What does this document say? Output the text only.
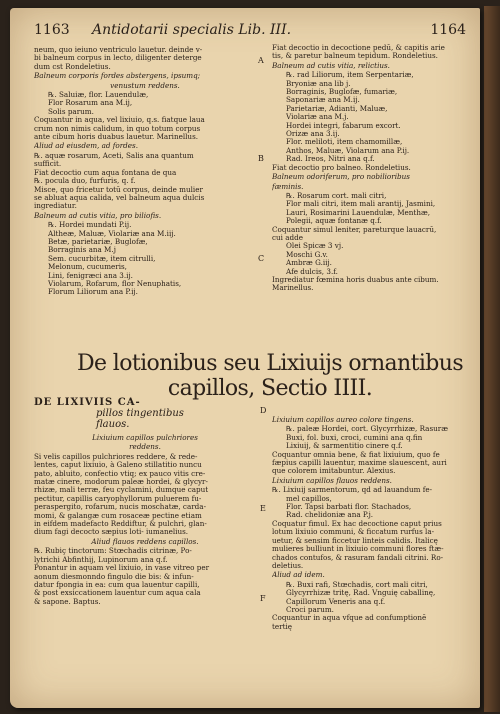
1163 Antidotarii specialis Lib. III.	1164
neum, quo ieiuno ventriculo lauetur. deinde v-
bi balneum corpus in lecto, diligenter deterge
dum cst Rondeletius.
Balneum corporis fordes abstergens, ipsumq;
venustum reddens.
℞. Saluiæ, flor. Lauendulæ,
Flor Rosarum ana M.ij,
Solis parum.
Coquantur in aqua, vel lixiuio, q.s. fiatque laua
crum non nimis calidum, in quo totum corpus
ante cibum horis duabus lauetur. Marinellus.
Aliud ad eiusdem, ad fordes.
℞. aquæ rosarum, Aceti, Salis ana quantum
sufficit.
Fiat decoctio cum aqua fontana de qua
℞. pocula duo, furfuris, q. f.
Misce, quo fricetur totū corpus, deinde mulier
se abluat aqua calida, vel balneum aqua dulcis
ingrediatur.
Balneum ad cutis vitia, pro biliofis.
℞. Hordei mundati P.ij.
Altheæ, Maluæ, Violariæ ana M.iij.
Betæ, parietariæ, Buglofæ,
Borraginis ana M.j
Sem. cucurbitæ, item citrulli,
Melonum, cucumeris,
Lini, fenigræci ana 3.ij.
Violarum, Rofarum, flor Nenuphatis,
Florum Liliorum ana P.ij.
Fiat decoctio in decoctione pedū, & capitis arie
tis, & paretur balneum tepidum. Rondeletius.
Balneum ad cutis vitia, relictius.
℞. rad Liliorum, item Serpentariæ,
Bryoniæ ana lib j.
Borraginis, Buglofæ, fumariæ,
Saponariæ ana M.ij.
Parietariæ, Adianti, Maluæ,
Violariæ ana M.j.
Hordei integri, fabarum excort.
Orizæ ana 3.ij.
Flor. meliloti, item chamomillæ,
Anthos, Maluæ, Violarum ana P.ij.
Rad. Ireos, Nitri ana q.f.
Fiat decoctio pro balneo. Rondeletius.
Balneum odoriferum, pro nobilioribus
fæminis.
℞. Rosarum cort. mali citri,
Flor mali citri, item mali arantij, Jasmini,
Lauri, Rosimarini Lauendulæ, Menthæ,
Polegii, aquæ fontanæ q.f.
Coquantur simul leniter, pareturque lauacrū,
cui adde
Olei Spicæ 3 vj.
Moschi G.v.
Ambræ G.iij.
Afe dulcis, 3.f.
Ingrediatur fœmina horis duabus ante cibum.
Marinellus.
A
B
C
D
E
F
De lotionibus seu Lixiuijs ornantibus
capillos, Sectio IIII.
DE LIXIVIIS CA-
pillos tingentibus
flauos.
Lixiuium capillos pulchriores
reddens.
Si velis capillos pulchriores reddere, & rede-
lentes, caput lixiuio, à Galeno stillatitio nuncu
pato, abluito, confectio vtiq; ex pauco vitis cre-
matæ cinere, modorum paleæ hordei, & glycyr-
rhizæ, mali terræ, feu cyclamini, dumque caput
pectitur, capillis caryophyllorum puluerem fu-
peraspergito, rofarum, nucis moschatæ, carda-
momi, & galangæ cum rosaceæ pectine etiam
in eifdem madefacto Reddiftur, & pulchri, glan-
dium fagi decocto sæpius loti- iumanelius.
Aliud flauos reddens capillos.
℞. Rubiç tinctorum: Stœchadis citrinæ, Po-
lytrichi Abfinthij, Lupinorum ana q.f.
Ponantur in aquam vel lixiuio, in vase vitreo per
aonum diesmonndo fingulo die bis: & infun-
datur fpongia in ea: cum qua lauentur capilli,
& post exsiccationem lauentur cum aqua cala
& sapone. Baptus.
Lixiuium capillos aureo colore tingens.
℞. paleæ Hordei, cort. Glycyrrhizæ, Rasuræ
Buxi, fol. buxi, croci, cumini ana q.fin
Lixiuij, & sarmentitio cinere q.f.
Coquantur omnia bene, & fiat lixiuium, quo fe
fæpius capilli lauentur, maxime slauescent, auri
que colorem imitabuntur. Alexius.
Lixiuium capillos flauos reddens.
℞. Lixiuij sarmentorum, qd ad lauandum fe-
mel capillos,
Flor. Tapsi barbati flor. Stachados,
Rad. chelidoniæ ana P.j.
Coquatur fimul. Ex hac decoctione caput prius
lotum lixiuio communi, & ficcatum rurfus la-
uetur, & sensim ficcetur linteis calidis. Italicę
mulieres bulliunt in lixiuio communi flores ftæ-
chados contufos, & rasuram fandali citrini. Ro-
deletius.
Aliud ad idem.
℞. Buxi rafi, Stœchadis, cort mali citri,
Glycyrrhizæ tritę, Rad. Vnguię caballinę,
Capillorum Veneris ana q.f.
Croci parum.
Coquantur in aqua vfque ad confumptionē
tertię
